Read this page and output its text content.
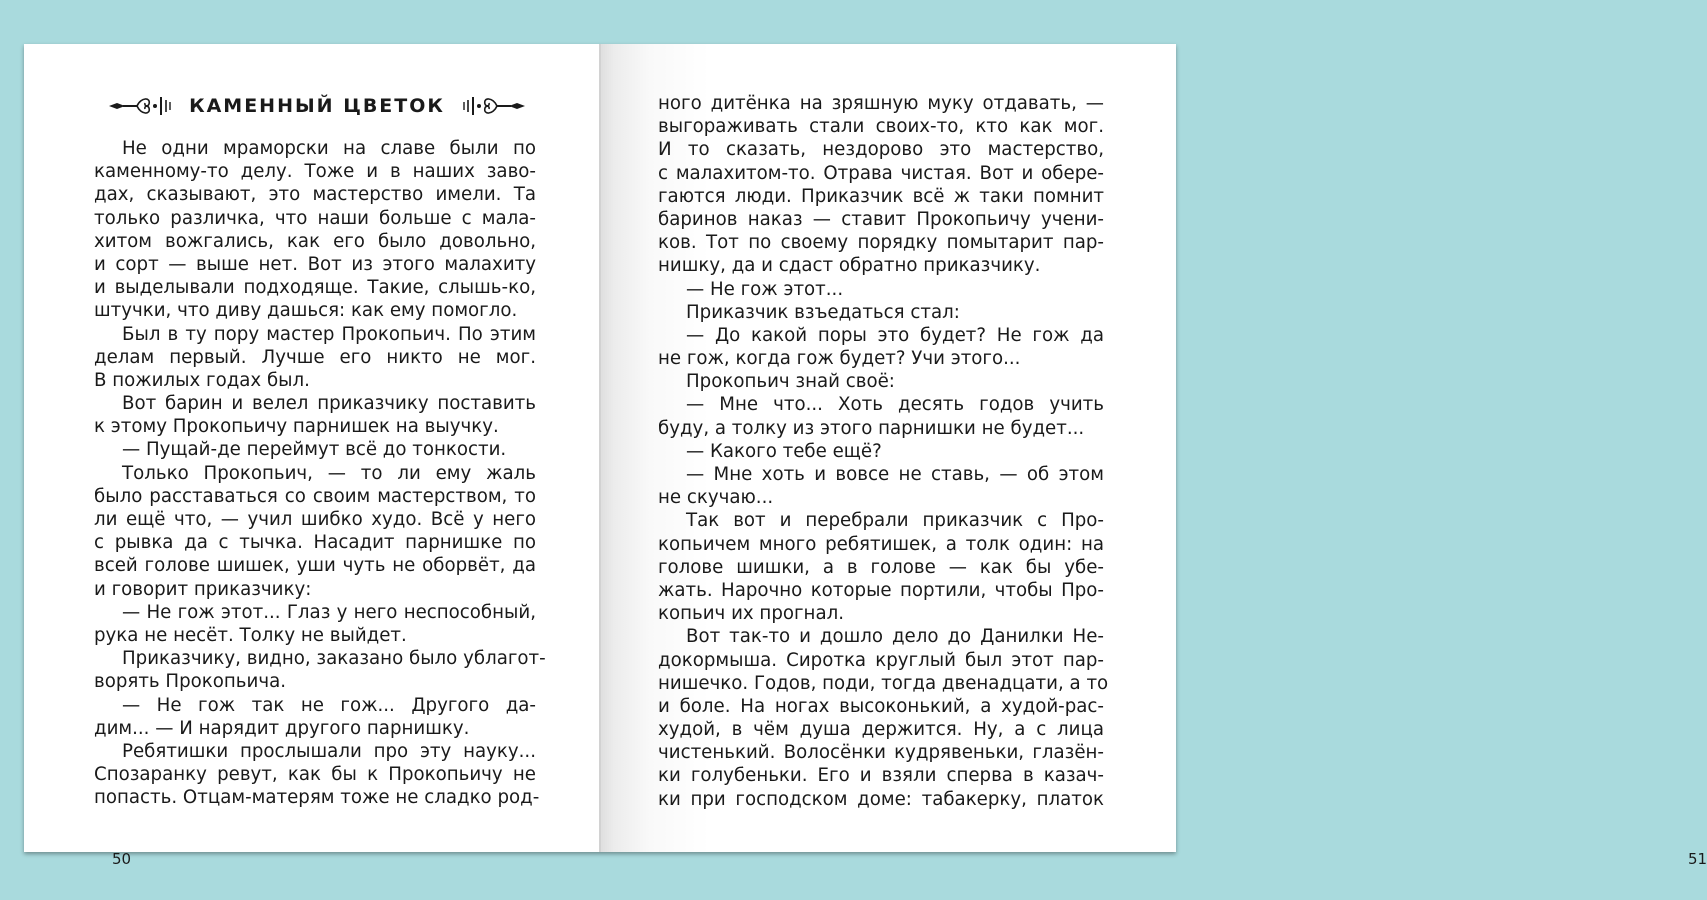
КАМЕННЫЙ ЦВЕТОК
Не одни мраморски на славе были по
каменному-то делу. Тоже и в наших заво-
дах, сказывают, это мастерство имели. Та
только различка, что наши больше с мала-
хитом вожгались, как его было довольно,
и сорт — выше нет. Вот из этого малахиту
и выделывали подходяще. Такие, слышь-ко,
штучки, что диву дашься: как ему помогло.
Был в ту пору мастер Прокопьич. По этим
делам первый. Лучше его никто не мог.
В пожилых годах был.
Вот барин и велел приказчику поставить
к этому Прокопьичу парнишек на выучку.
— Пущай-де переймут всё до тонкости.
Только Прокопьич, — то ли ему жаль
было расставаться со своим мастерством, то
ли ещё что, — учил шибко худо. Всё у него
с рывка да с тычка. Насадит парнишке по
всей голове шишек, уши чуть не оборвёт, да
и говорит приказчику:
— Не гож этот... Глаз у него неспособный,
рука не несёт. Толку не выйдет.
Приказчику, видно, заказано было ублагот-
ворять Прокопьича.
— Не гож так не гож... Другого да-
дим... — И нарядит другого парнишку.
Ребятишки прослышали про эту науку...
Спозаранку ревут, как бы к Прокопьичу не
попасть. Отцам-матерям тоже не сладко род-
50	51
ного дитёнка на зряшную муку отдавать, —
выгораживать стали своих-то, кто как мог.
И то сказать, нездорово это мастерство,
с малахитом-то. Отрава чистая. Вот и обере-
гаются люди. Приказчик всё ж таки помнит
баринов наказ — ставит Прокопьичу учени-
ков. Тот по своему порядку помытарит пар-
нишку, да и сдаст обратно приказчику.
— Не гож этот...
Приказчик взъедаться стал:
— До какой поры это будет? Не гож да
не гож, когда гож будет? Учи этого...
Прокопьич знай своё:
— Мне что... Хоть десять годов учить
буду, а толку из этого парнишки не будет...
— Какого тебе ещё?
— Мне хоть и вовсе не ставь, — об этом
не скучаю...
Так вот и перебрали приказчик с Про-
копьичем много ребятишек, а толк один: на
голове шишки, а в голове — как бы убе-
жать. Нарочно которые портили, чтобы Про-
копьич их прогнал.
Вот так-то и дошло дело до Данилки Не-
докормыша. Сиротка круглый был этот пар-
нишечко. Годов, поди, тогда двенадцати, а то
и боле. На ногах высоконький, а худой-рас-
худой, в чём душа держится. Ну, а с лица
чистенький. Волосёнки кудрявеньки, глазён-
ки голубеньки. Его и взяли сперва в казач-
ки при господском доме: табакерку, платок
